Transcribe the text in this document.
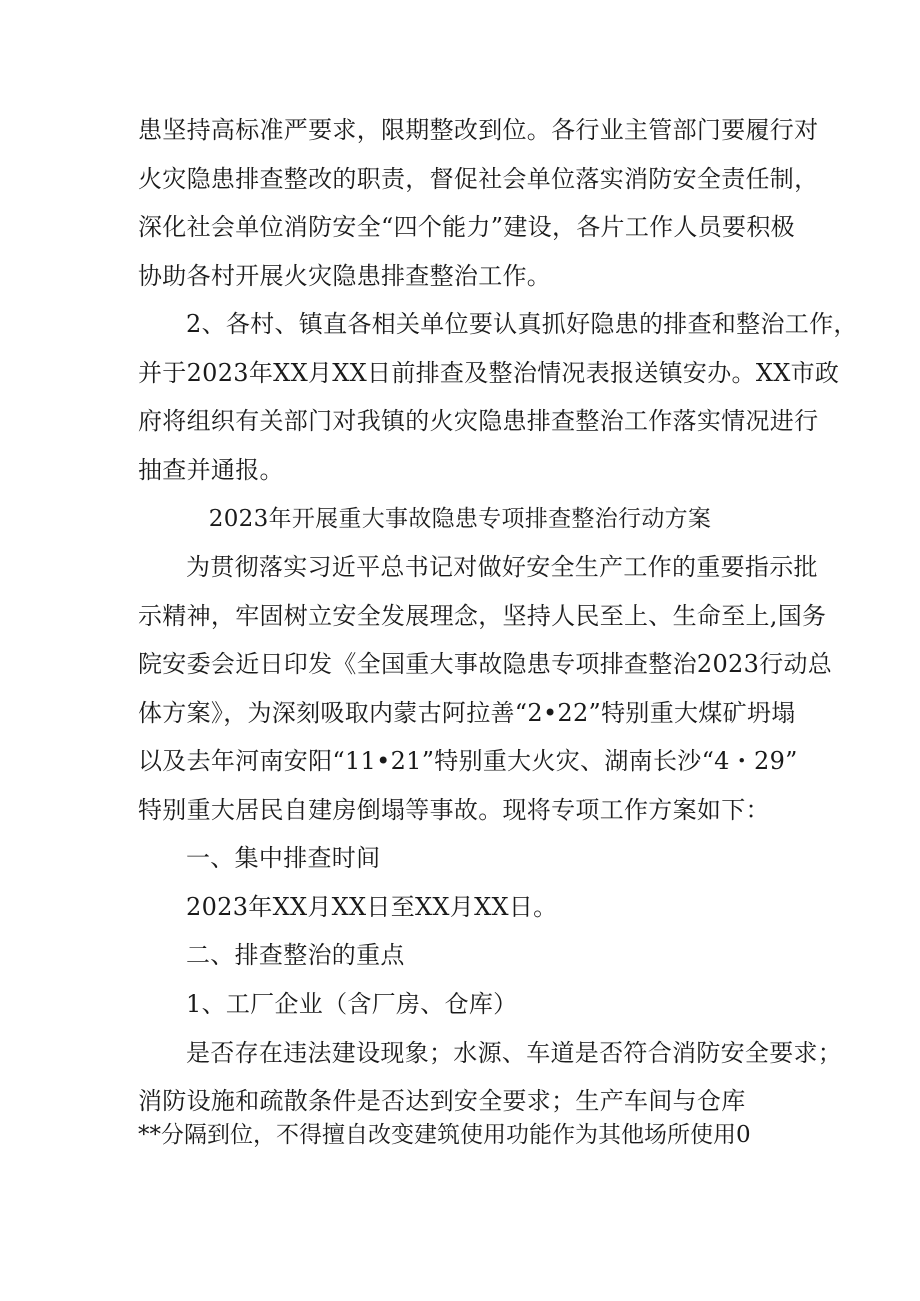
患坚持高标准严要求，限期整改到位。各行业主管部门要履行对
火灾隐患排查整改的职责，督促社会单位落实消防安全责任制，
深化社会单位消防安全“四个能力”建设，各片工作人员要积极
协助各村开展火灾隐患排查整治工作。
2、各村、镇直各相关单位要认真抓好隐患的排查和整治工作，
并于2023年XX月XX日前排查及整治情况表报送镇安办。XX市政
府将组织有关部门对我镇的火灾隐患排查整治工作落实情况进行
抽查并通报。
2023年开展重大事故隐患专项排查整治行动方案
为贯彻落实习近平总书记对做好安全生产工作的重要指示批
示精神，牢固树立安全发展理念，坚持人民至上、生命至上,国务
院安委会近日印发《全国重大事故隐患专项排查整治2023行动总
体方案》，为深刻吸取内蒙古阿拉善“2•22”特别重大煤矿坍塌
以及去年河南安阳“11•21”特别重大火灾、湖南长沙“4・29”
特别重大居民自建房倒塌等事故。现将专项工作方案如下：
一、集中排查时间
2023年XX月XX日至XX月XX日。
二、排查整治的重点
1、工厂企业（含厂房、仓库）
是否存在违法建设现象；水源、车道是否符合消防安全要求；
消防设施和疏散条件是否达到安全要求；生产车间与仓库
**分隔到位，不得擅自改变建筑使用功能作为其他场所使用0
